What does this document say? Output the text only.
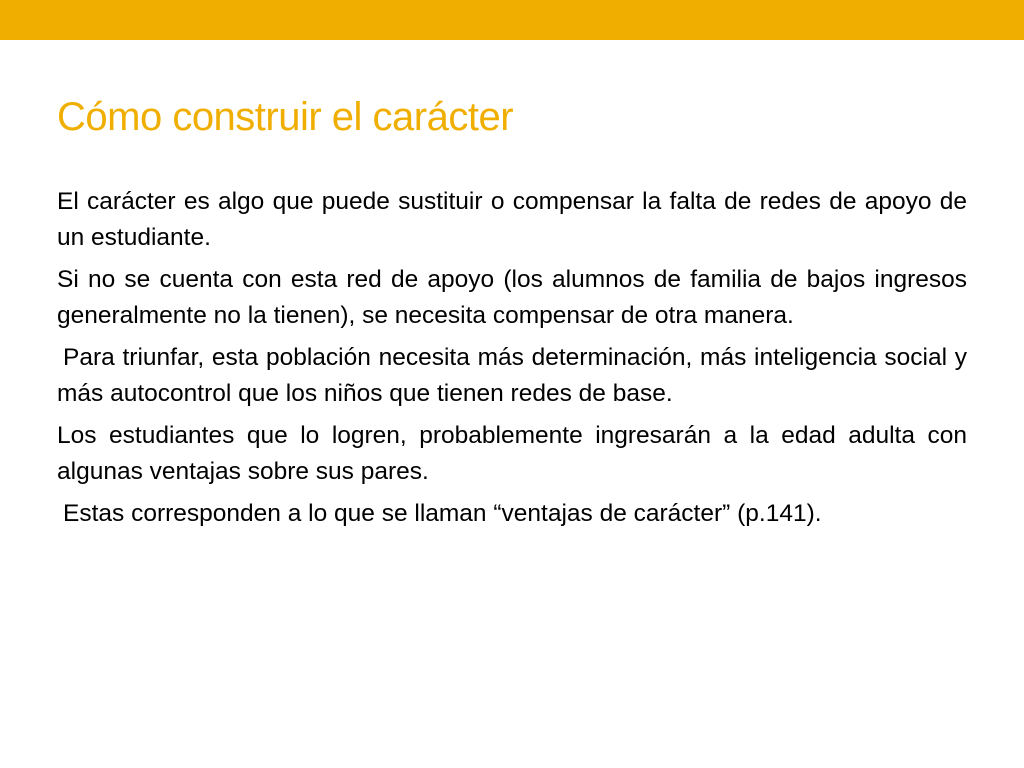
Cómo construir el carácter

El carácter es algo que puede sustituir o compensar la falta de redes de apoyo de un estudiante.

Si no se cuenta con esta red de apoyo (los alumnos de familia de bajos ingresos generalmente no la tienen), se necesita compensar de otra manera.

Para triunfar, esta población necesita más determinación, más inteligencia social y más autocontrol que los niños que tienen redes de base.

Los estudiantes que lo logren, probablemente ingresarán a la edad adulta con algunas ventajas sobre sus pares.

Estas corresponden a lo que se llaman “ventajas de carácter” (p.141).
